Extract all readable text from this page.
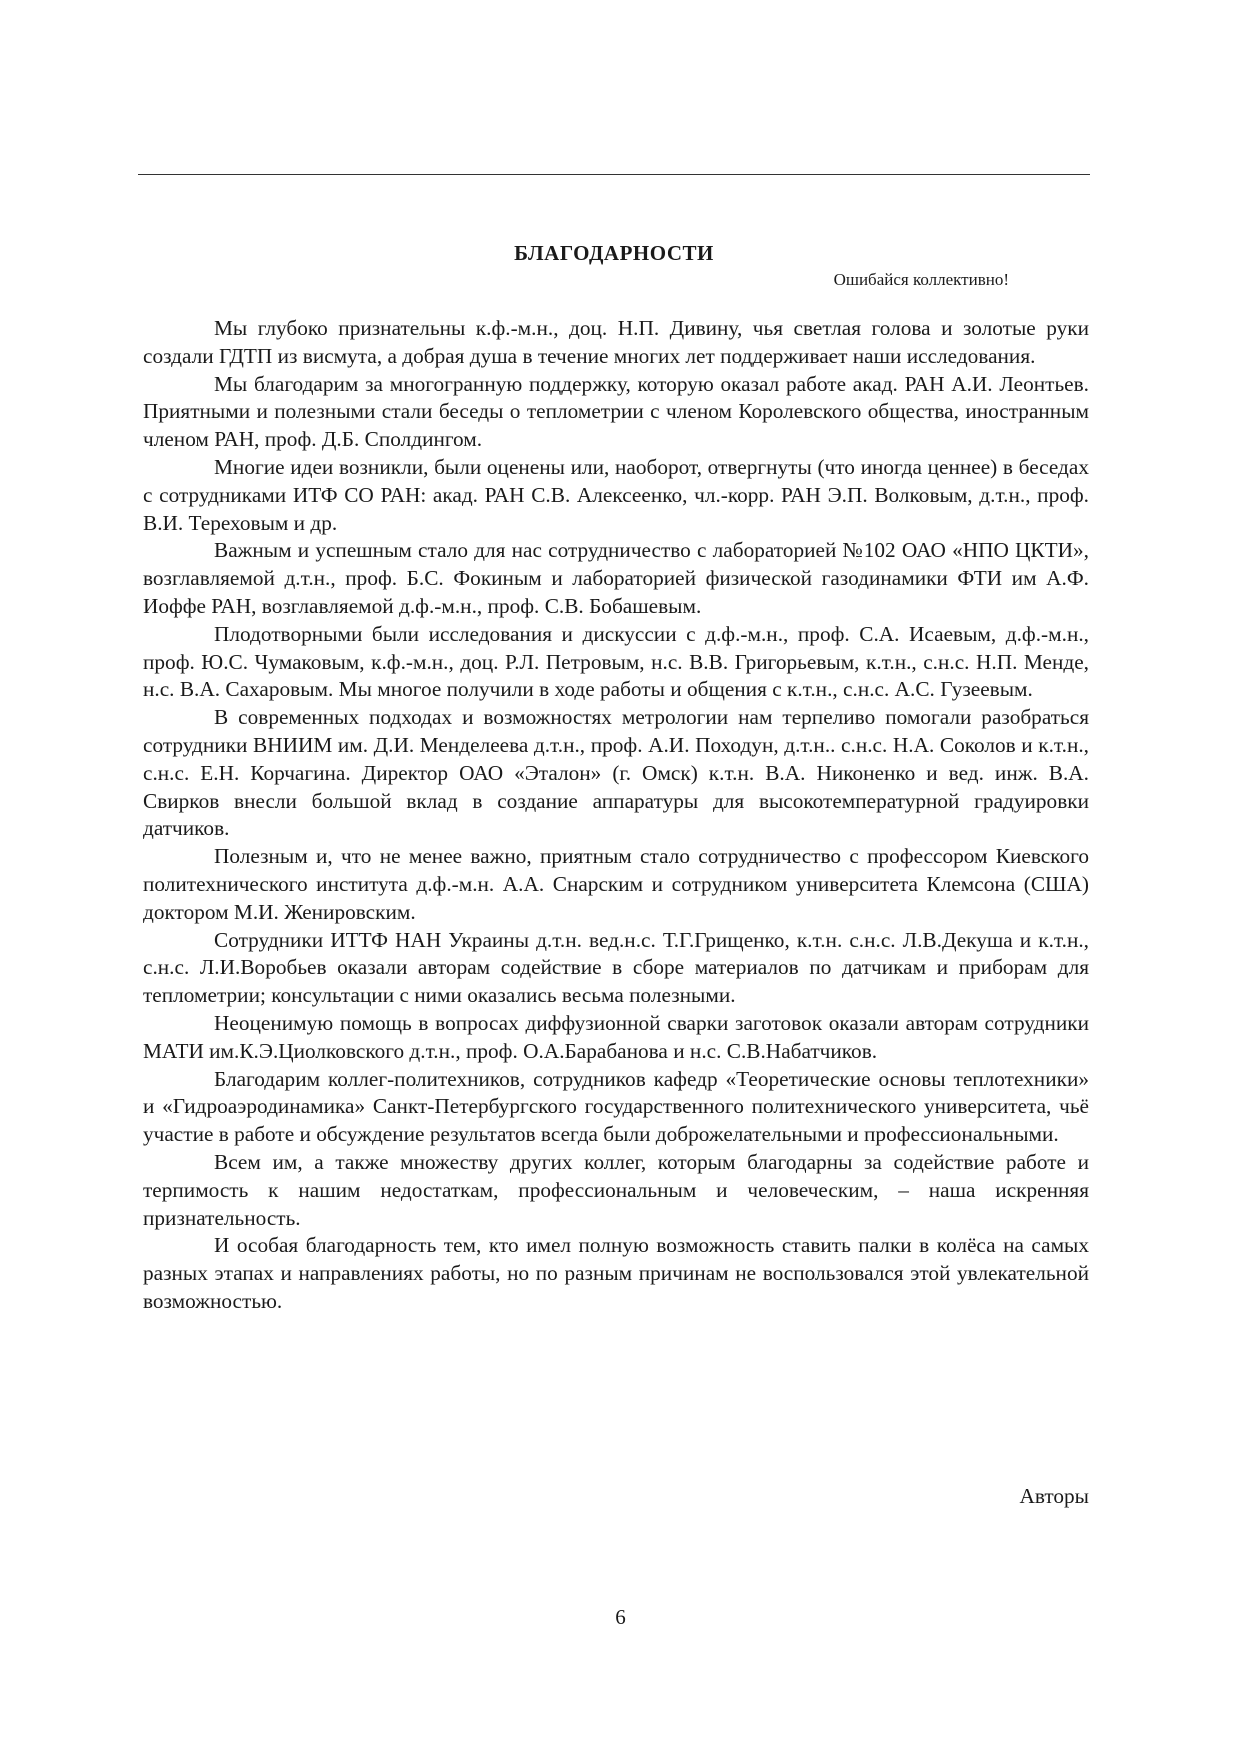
БЛАГОДАРНОСТИ
Ошибайся коллективно!

Мы глубоко признательны к.ф.-м.н., доц. Н.П. Дивину, чья светлая голова и золотые руки создали ГДТП из висмута, а добрая душа в течение многих лет поддерживает наши исследования.

Мы благодарим за многогранную поддержку, которую оказал работе акад. РАН А.И. Леонтьев. Приятными и полезными стали беседы о теплометрии с членом Королевского общества, иностранным членом РАН, проф. Д.Б. Сполдингом.

Многие идеи возникли, были оценены или, наоборот, отвергнуты (что иногда ценнее) в беседах с сотрудниками ИТФ СО РАН: акад. РАН С.В. Алексеенко, чл.-корр. РАН Э.П. Волковым, д.т.н., проф. В.И. Тереховым и др.

Важным и успешным стало для нас сотрудничество с лабораторией №102 ОАО «НПО ЦКТИ», возглавляемой д.т.н., проф. Б.С. Фокиным и лабораторией физической газодинамики ФТИ им А.Ф. Иоффе РАН, возглавляемой д.ф.-м.н., проф. С.В. Бобашевым.

Плодотворными были исследования и дискуссии с д.ф.-м.н., проф. С.А. Исаевым, д.ф.-м.н., проф. Ю.С. Чумаковым, к.ф.-м.н., доц. Р.Л. Петровым, н.с. В.В. Григорьевым, к.т.н., с.н.с. Н.П. Менде, н.с. В.А. Сахаровым. Мы многое получили в ходе работы и общения с к.т.н., с.н.с. А.С. Гузеевым.

В современных подходах и возможностях метрологии нам терпеливо помогали разобраться сотрудники ВНИИМ им. Д.И. Менделеева д.т.н., проф. А.И. Походун, д.т.н.. с.н.с. Н.А. Соколов и к.т.н., с.н.с. Е.Н. Корчагина. Директор ОАО «Эталон» (г. Омск) к.т.н. В.А. Никоненко и вед. инж. В.А. Свирков внесли большой вклад в создание аппаратуры для высокотемпературной градуировки датчиков.

Полезным и, что не менее важно, приятным стало сотрудничество с профессором Киевского политехнического института д.ф.-м.н. А.А. Снарским и сотрудником университета Клемсона (США) доктором М.И. Женировским.

Сотрудники ИТТФ НАН Украины д.т.н. вед.н.с. Т.Г.Грищенко, к.т.н. с.н.с. Л.В.Декуша и к.т.н., с.н.с. Л.И.Воробьев оказали авторам содействие в сборе материалов по датчикам и приборам для теплометрии; консультации с ними оказались весьма полезными.

Неоценимую помощь в вопросах диффузионной сварки заготовок оказали авторам сотрудники МАТИ им.К.Э.Циолковского д.т.н., проф. О.А.Барабанова и н.с. С.В.Набатчиков.

Благодарим коллег-политехников, сотрудников кафедр «Теоретические основы теплотехники» и «Гидроаэродинамика» Санкт-Петербургского государственного политехнического университета, чьё участие в работе и обсуждение результатов всегда были доброжелательными и профессиональными.

Всем им, а также множеству других коллег, которым благодарны за содействие работе и терпимость к нашим недостаткам, профессиональным и человеческим, – наша искренняя признательность.

И особая благодарность тем, кто имел полную возможность ставить палки в колёса на самых разных этапах и направлениях работы, но по разным причинам не воспользовался этой увлекательной возможностью.

Авторы
6
